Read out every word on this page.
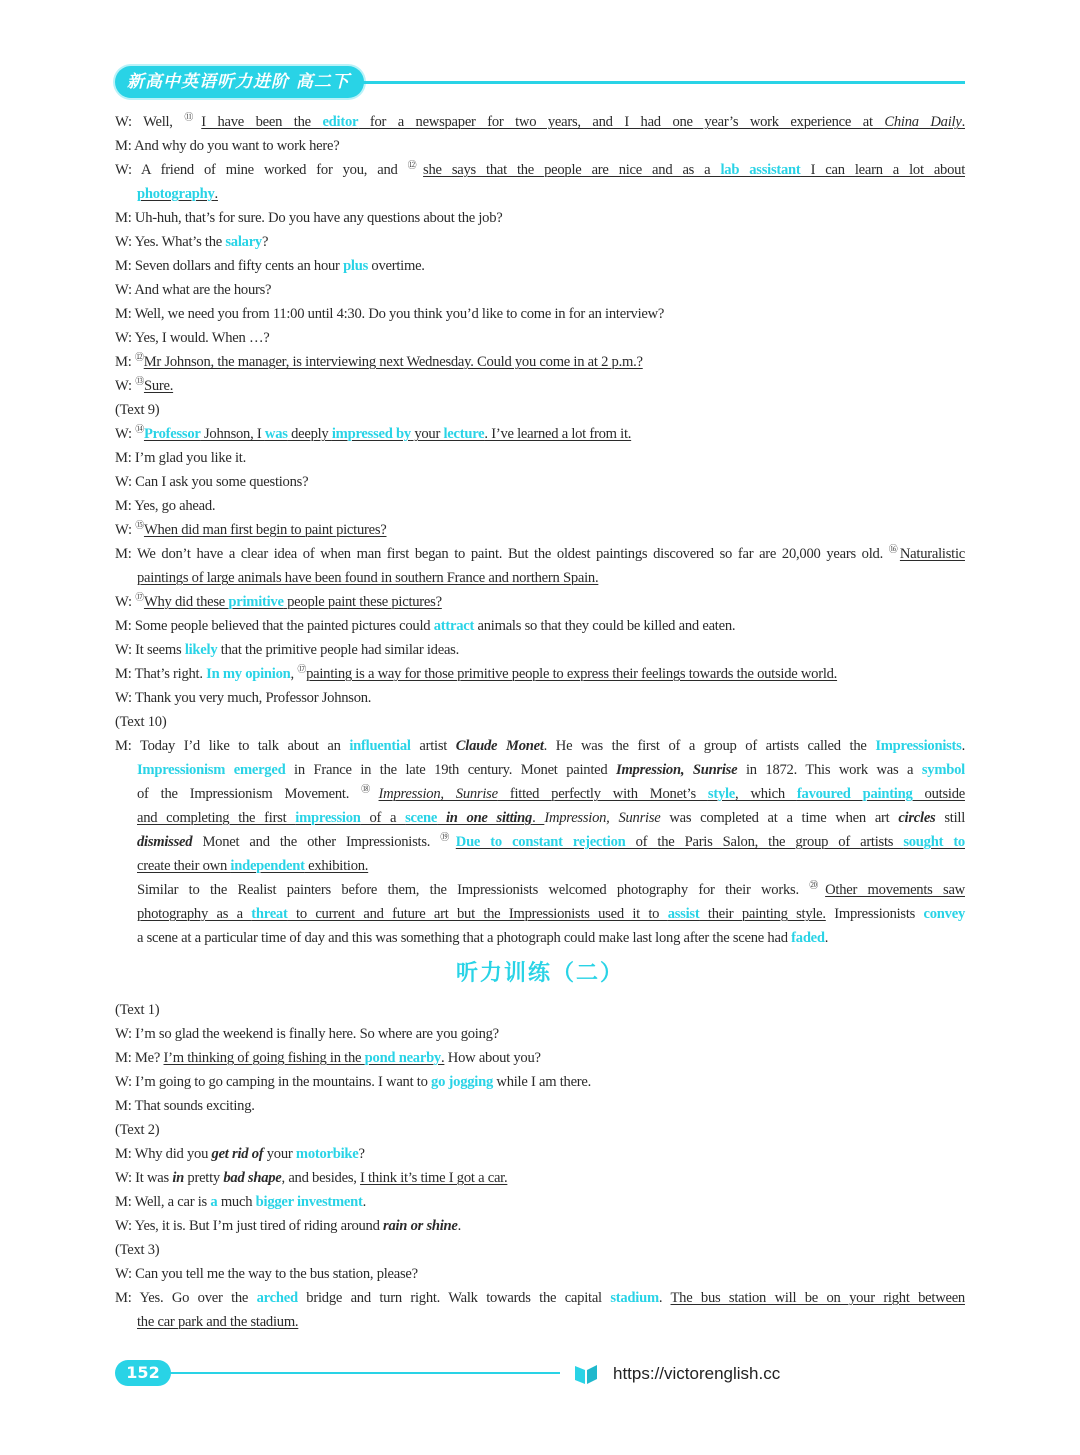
新高中英语听力进阶 高二下
W: Well, ⑪I have been the editor for a newspaper for two years, and I had one year’s work experience at China Daily.
M: And why do you want to work here?
W: A friend of mine worked for you, and ⑫she says that the people are nice and as a lab assistant I can learn a lot about
photography.
M: Uh-huh, that’s for sure. Do you have any questions about the job?
W: Yes. What’s the salary?
M: Seven dollars and fifty cents an hour plus overtime.
W: And what are the hours?
M: Well, we need you from 11:00 until 4:30. Do you think you’d like to come in for an interview?
W: Yes, I would. When …?
M: ⑫Mr Johnson, the manager, is interviewing next Wednesday. Could you come in at 2 p.m.?
W: ⑬Sure.
(Text 9)
W: ⑭Professor Johnson, I was deeply impressed by your lecture. I’ve learned a lot from it.
M: I’m glad you like it.
W: Can I ask you some questions?
M: Yes, go ahead.
W: ⑮When did man first begin to paint pictures?
M: We don’t have a clear idea of when man first began to paint. But the oldest paintings discovered so far are 20,000 years old. ⑯Naturalistic
paintings of large animals have been found in southern France and northern Spain.
W: ⑰Why did these primitive people paint these pictures?
M: Some people believed that the painted pictures could attract animals so that they could be killed and eaten.
W: It seems likely that the primitive people had similar ideas.
M: That’s right. In my opinion, ⑰painting is a way for those primitive people to express their feelings towards the outside world.
W: Thank you very much, Professor Johnson.
(Text 10)
M: Today I’d like to talk about an influential artist Claude Monet. He was the first of a group of artists called the Impressionists.
Impressionism emerged in France in the late 19th century. Monet painted Impression, Sunrise in 1872. This work was a symbol
of the Impressionism Movement. ⑱Impression, Sunrise fitted perfectly with Monet’s style, which favoured painting outside
and completing the first impression of a scene in one sitting. Impression, Sunrise was completed at a time when art circles still
dismissed Monet and the other Impressionists. ⑲Due to constant rejection of the Paris Salon, the group of artists sought to
create their own independent exhibition.
Similar to the Realist painters before them, the Impressionists welcomed photography for their works. ⑳Other movements saw
photography as a threat to current and future art but the Impressionists used it to assist their painting style. Impressionists convey
a scene at a particular time of day and this was something that a photograph could make last long after the scene had faded.
听力训练（二）
(Text 1)
W: I’m so glad the weekend is finally here. So where are you going?
M: Me? I’m thinking of going fishing in the pond nearby. How about you?
W: I’m going to go camping in the mountains. I want to go jogging while I am there.
M: That sounds exciting.
(Text 2)
M: Why did you get rid of your motorbike?
W: It was in pretty bad shape, and besides, I think it’s time I got a car.
M: Well, a car is a much bigger investment.
W: Yes, it is. But I’m just tired of riding around rain or shine.
(Text 3)
W: Can you tell me the way to the bus station, please?
M: Yes. Go over the arched bridge and turn right. Walk towards the capital stadium. The bus station will be on your right between
the car park and the stadium.
152	https://victorenglish.cc
